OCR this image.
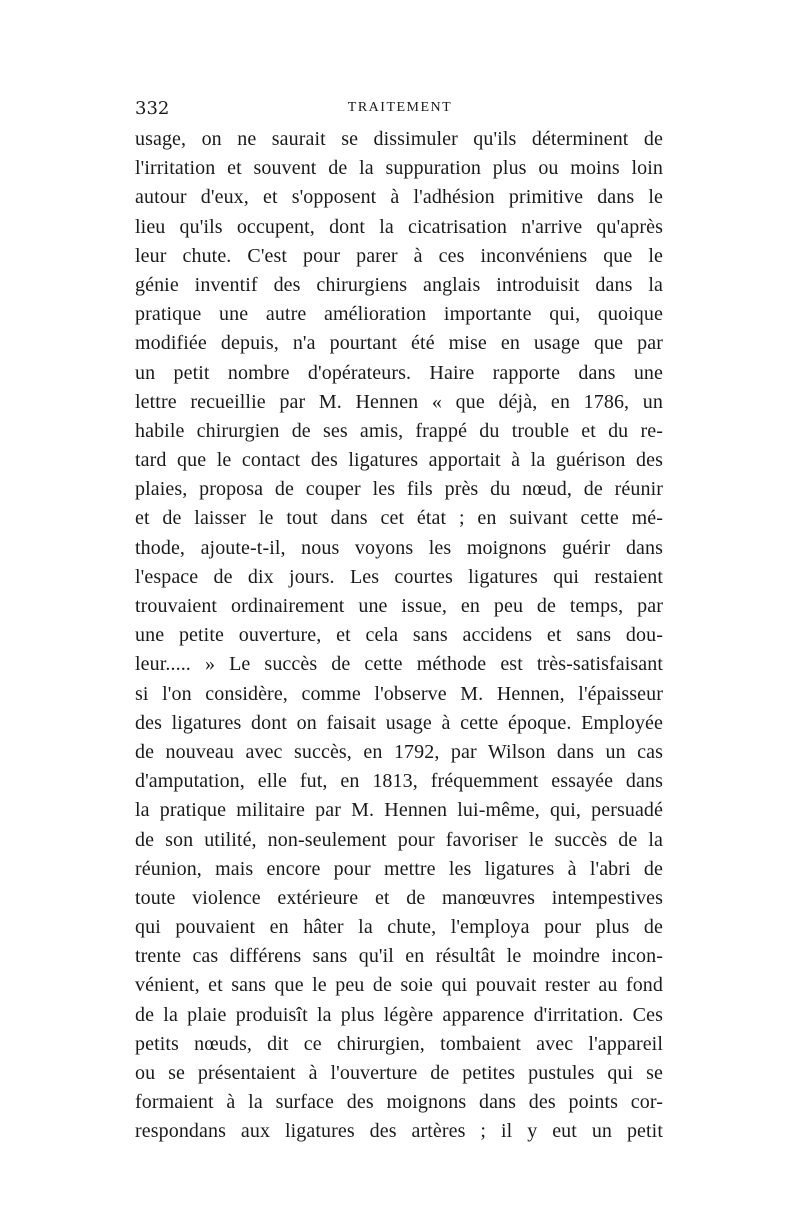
332	TRAITEMENT
usage, on ne saurait se dissimuler qu'ils déterminent de
l'irritation et souvent de la suppuration plus ou moins loin
autour d'eux, et s'opposent à l'adhésion primitive dans le
lieu qu'ils occupent, dont la cicatrisation n'arrive qu'après
leur chute. C'est pour parer à ces inconvéniens que le
génie inventif des chirurgiens anglais introduisit dans la
pratique une autre amélioration importante qui, quoique
modifiée depuis, n'a pourtant été mise en usage que par
un petit nombre d'opérateurs. Haire rapporte dans une
lettre recueillie par M. Hennen « que déjà, en 1786, un
habile chirurgien de ses amis, frappé du trouble et du re-
tard que le contact des ligatures apportait à la guérison des
plaies, proposa de couper les fils près du nœud, de réunir
et de laisser le tout dans cet état ; en suivant cette mé-
thode, ajoute-t-il, nous voyons les moignons guérir dans
l'espace de dix jours. Les courtes ligatures qui restaient
trouvaient ordinairement une issue, en peu de temps, par
une petite ouverture, et cela sans accidens et sans dou-
leur..... » Le succès de cette méthode est très-satisfaisant
si l'on considère, comme l'observe M. Hennen, l'épaisseur
des ligatures dont on faisait usage à cette époque. Employée
de nouveau avec succès, en 1792, par Wilson dans un cas
d'amputation, elle fut, en 1813, fréquemment essayée dans
la pratique militaire par M. Hennen lui-même, qui, persuadé
de son utilité, non-seulement pour favoriser le succès de la
réunion, mais encore pour mettre les ligatures à l'abri de
toute violence extérieure et de manœuvres intempestives
qui pouvaient en hâter la chute, l'employa pour plus de
trente cas différens sans qu'il en résultât le moindre incon-
vénient, et sans que le peu de soie qui pouvait rester au fond
de la plaie produisît la plus légère apparence d'irritation. Ces
petits nœuds, dit ce chirurgien, tombaient avec l'appareil
ou se présentaient à l'ouverture de petites pustules qui se
formaient à la surface des moignons dans des points cor-
respondans aux ligatures des artères ; il y eut un petit
